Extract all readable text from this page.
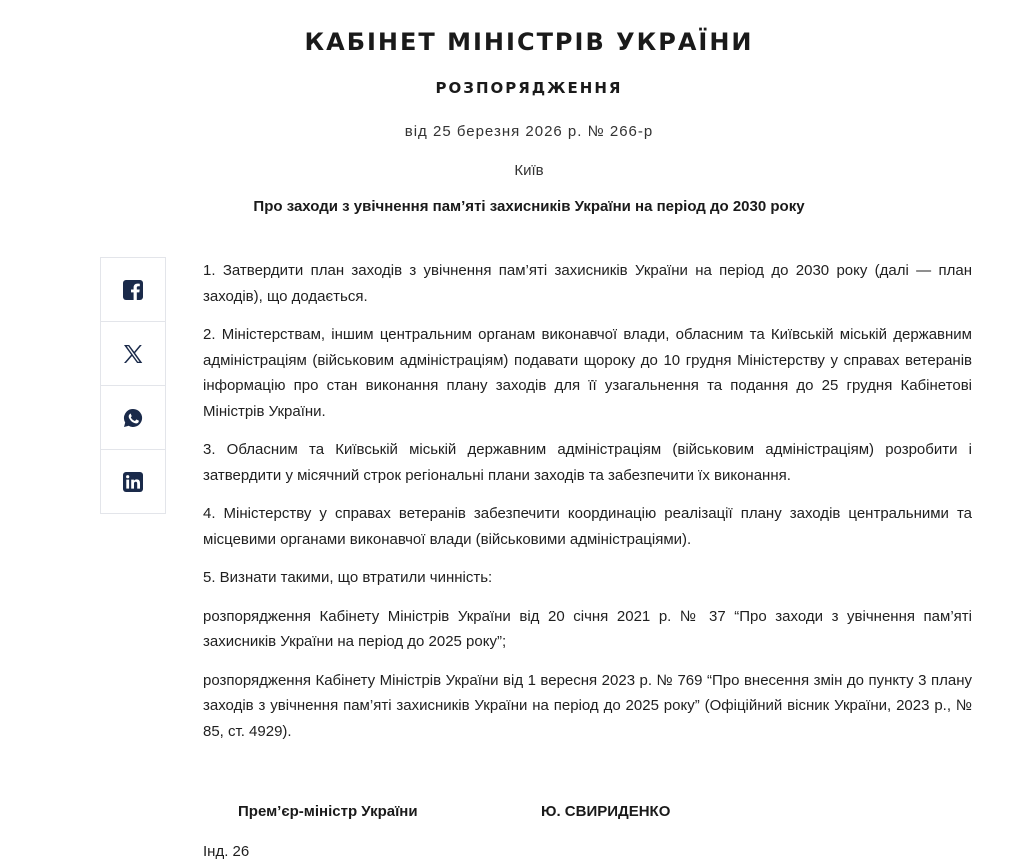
КАБІНЕТ МІНІСТРІВ УКРАЇНИ
РОЗПОРЯДЖЕННЯ
від 25 березня 2026 р. № 266-р
Київ
Про заходи з увічнення пам’яті захисників України на період до 2030 року

1. Затвердити план заходів з увічнення пам’яті захисників України на період до 2030 року (далі — план заходів), що додається.

2. Міністерствам, іншим центральним органам виконавчої влади, обласним та Київській міській державним адміністраціям (військовим адміністраціям) подавати щороку до 10 грудня Міністерству у справах ветеранів інформацію про стан виконання плану заходів для її узагальнення та подання до 25 грудня Кабінетові Міністрів України.

3. Обласним та Київській міській державним адміністраціям (військовим адміністраціям) розробити і затвердити у місячний строк регіональні плани заходів та забезпечити їх виконання.

4. Міністерству у справах ветеранів забезпечити координацію реалізації плану заходів центральними та місцевими органами виконавчої влади (військовими адміністраціями).

5. Визнати такими, що втратили чинність:

розпорядження Кабінету Міністрів України від 20 січня 2021 р. № 37 “Про заходи з увічнення пам’яті захисників України на період до 2025 року”;

розпорядження Кабінету Міністрів України від 1 вересня 2023 р. № 769 “Про внесення змін до пункту 3 плану заходів з увічнення пам’яті захисників України на період до 2025 року” (Офіційний вісник України, 2023 р., № 85, ст. 4929).

Прем’єр-міністр України	Ю. СВИРИДЕНКО
Інд. 26
